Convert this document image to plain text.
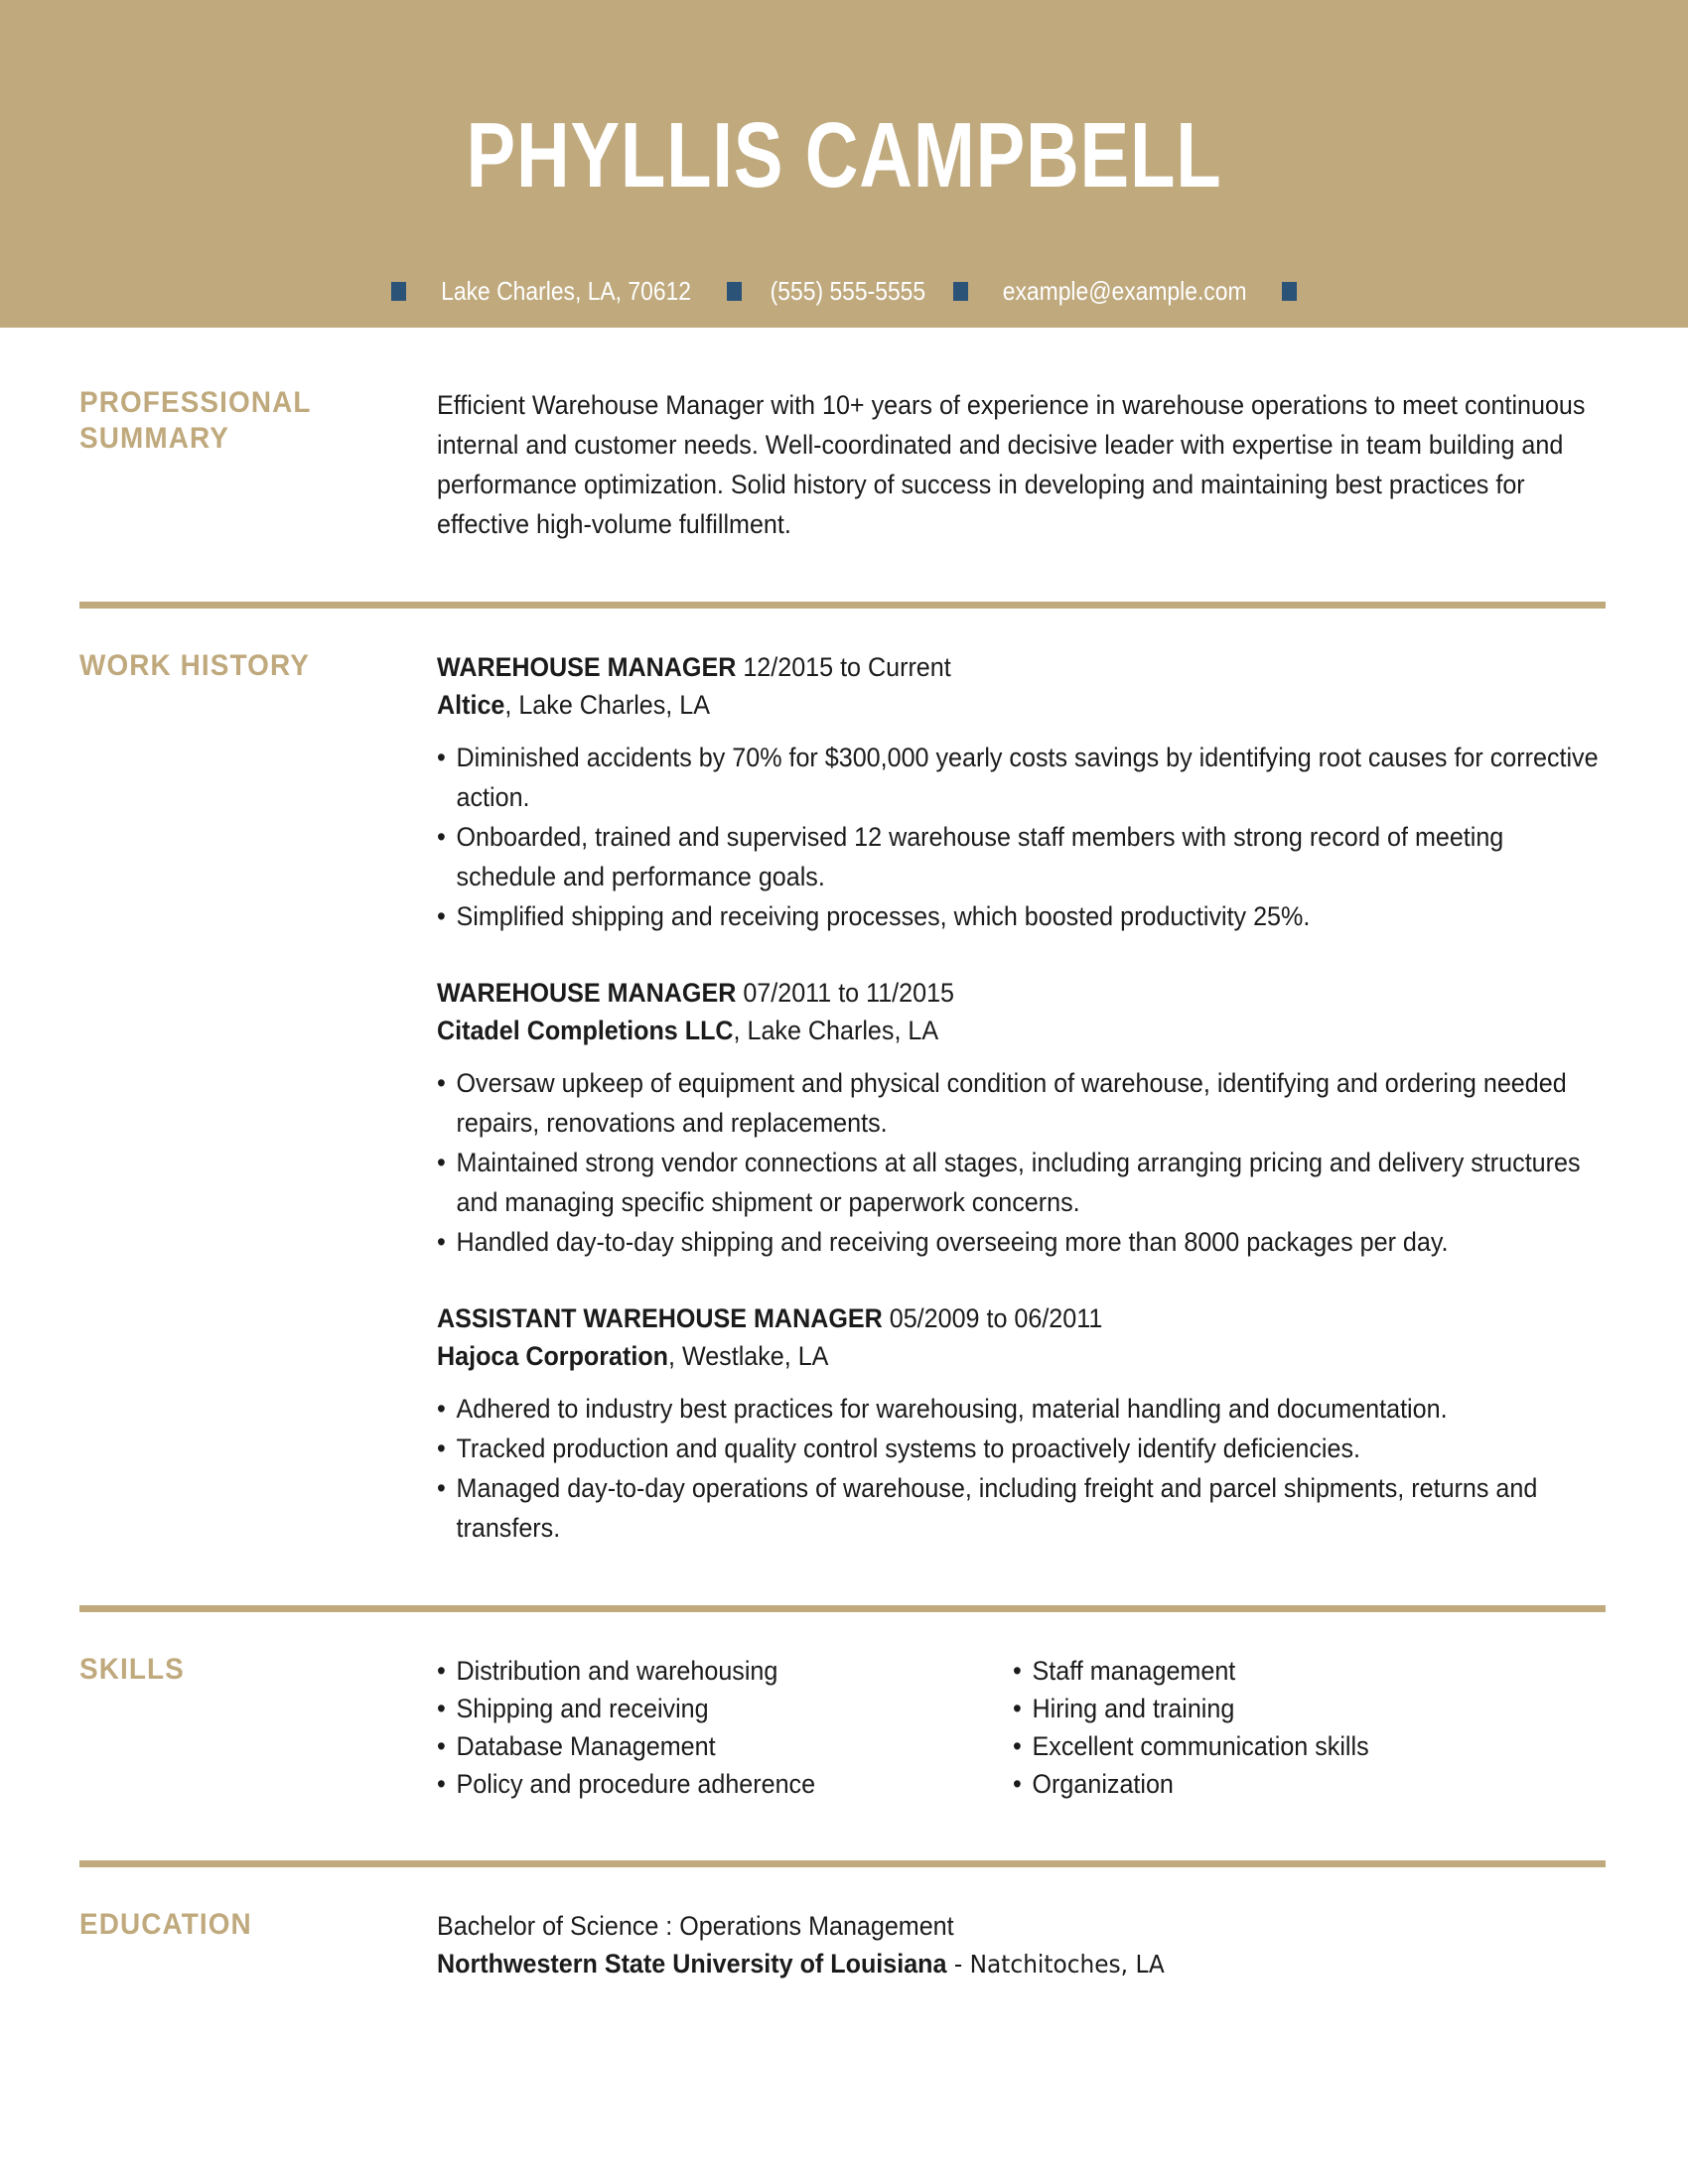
PHYLLIS CAMPBELL
Lake Charles, LA, 70612	(555) 555-5555	example@example.com
PROFESSIONAL
SUMMARY
Efficient Warehouse Manager with 10+ years of experience in warehouse operations to meet continuous internal and customer needs. Well-coordinated and decisive leader with expertise in team building and performance optimization. Solid history of success in developing and maintaining best practices for effective high-volume fulfillment.
WORK HISTORY	WAREHOUSE MANAGER 12/2015 to Current
Altice, Lake Charles, LA
• Diminished accidents by 70% for $300,000 yearly costs savings by identifying root causes for corrective action.
• Onboarded, trained and supervised 12 warehouse staff members with strong record of meeting schedule and performance goals.
• Simplified shipping and receiving processes, which boosted productivity 25%.
WAREHOUSE MANAGER 07/2011 to 11/2015
Citadel Completions LLC, Lake Charles, LA
• Oversaw upkeep of equipment and physical condition of warehouse, identifying and ordering needed repairs, renovations and replacements.
• Maintained strong vendor connections at all stages, including arranging pricing and delivery structures and managing specific shipment or paperwork concerns.
• Handled day-to-day shipping and receiving overseeing more than 8000 packages per day.
ASSISTANT WAREHOUSE MANAGER 05/2009 to 06/2011
Hajoca Corporation, Westlake, LA
• Adhered to industry best practices for warehousing, material handling and documentation.
• Tracked production and quality control systems to proactively identify deficiencies.
• Managed day-to-day operations of warehouse, including freight and parcel shipments, returns and transfers.
SKILLS	• Distribution and warehousing
• Shipping and receiving
• Database Management
• Policy and procedure adherence
• Staff management
• Hiring and training
• Excellent communication skills
• Organization
EDUCATION	Bachelor of Science : Operations Management
Northwestern State University of Louisiana - Natchitoches, LA
